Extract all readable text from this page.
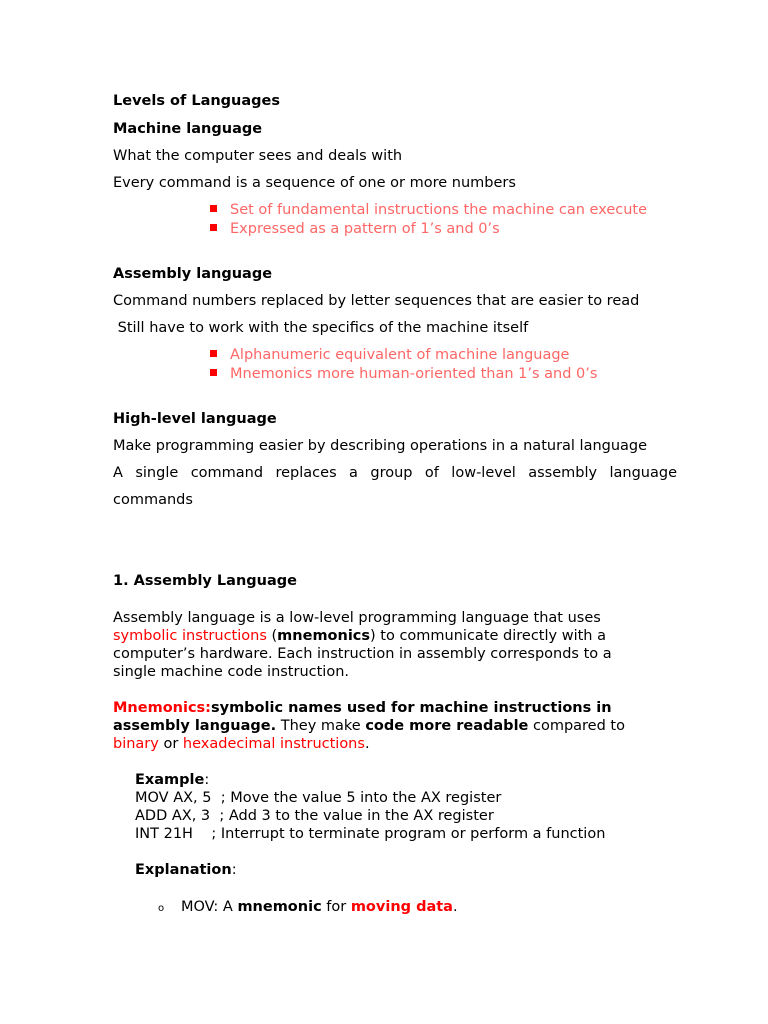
Levels of Languages
Machine language
What the computer sees and deals with
Every command is a sequence of one or more numbers
Set of fundamental instructions the machine can execute
Expressed as a pattern of 1’s and 0’s
Assembly language
Command numbers replaced by letter sequences that are easier to read
Still have to work with the specifics of the machine itself
Alphanumeric equivalent of machine language
Mnemonics more human-oriented than 1’s and 0’s
High-level language
Make programming easier by describing operations in a natural language
A single command replaces a group of low-level assembly language
commands
1. Assembly Language
Assembly language is a low-level programming language that uses
symbolic instructions (mnemonics) to communicate directly with a
computer’s hardware. Each instruction in assembly corresponds to a
single machine code instruction.
Mnemonics:symbolic names used for machine instructions in
assembly language. They make code more readable compared to
binary or hexadecimal instructions.
Example:
MOV AX, 5  ; Move the value 5 into the AX register
ADD AX, 3  ; Add 3 to the value in the AX register
INT 21H    ; Interrupt to terminate program or perform a function
Explanation:
o MOV: A mnemonic for moving data.
